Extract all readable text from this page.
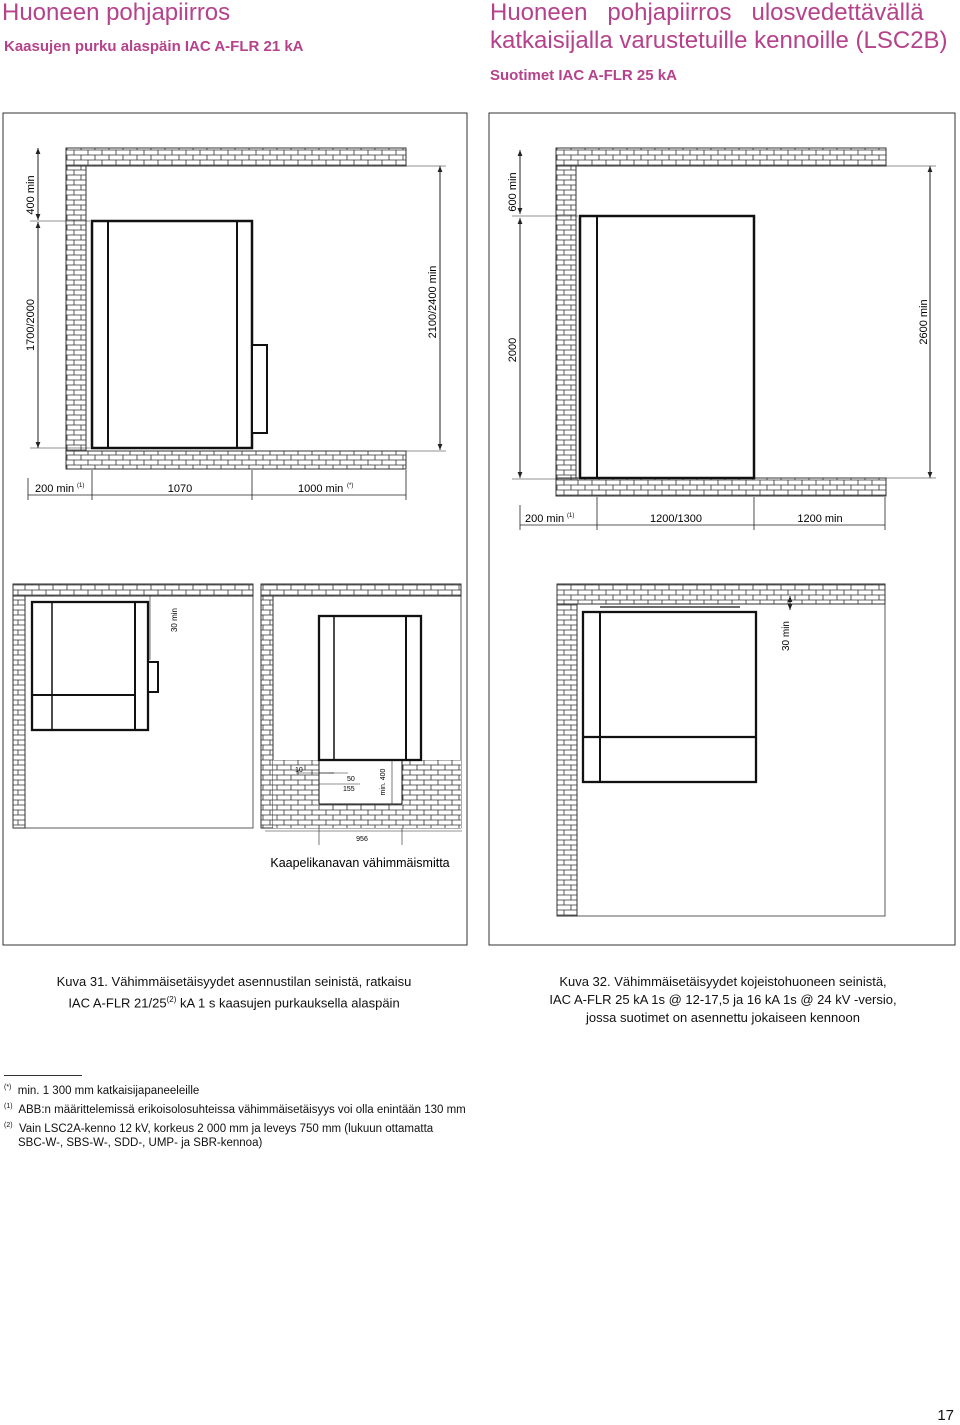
Huoneen pohjapiirros
Kaasujen purku alaspäin IAC A-FLR 21 kA
Huoneen   pohjapiirros   ulosvedettävällä
katkaisijalla varustetuille kennoille (LSC2B)
Suotimet IAC A-FLR 25 kA
400 min
1700/2000	2100/2400 min
200 min (1)	1070	1000 min (*)
30 min
10
50
155	min. 400
956
Kaapelikanavan vähimmäismitta
600 min
2000
2600 min
200 min (1)	1200/1300	1200 min
30 min
Kuva 31. Vähimmäisetäisyydet asennustilan seinistä, ratkaisu
IAC A-FLR 21/25$^{(2)}$ kA 1 s kaasujen purkauksella alaspäin
Kuva 32. Vähimmäisetäisyydet kojeistohuoneen seinistä,
IAC A-FLR 25 kA 1s @ 12-17,5 ja 16 kA 1s @ 24 kV -versio,
jossa suotimet on asennettu jokaiseen kennoon
(*) min. 1 300 mm katkaisijapaneeleille
$^{(1)}$ ABB:n määrittelemissä erikoisolosuhteissa vähimmäisetäisyys voi olla enintään 130 mm
$^{(2)}$ Vain LSC2A-kenno 12 kV, korkeus 2 000 mm ja leveys 750 mm (lukuun ottamatta
SBC-W-, SBS-W-, SDD-, UMP- ja SBR-kennoa)
17
